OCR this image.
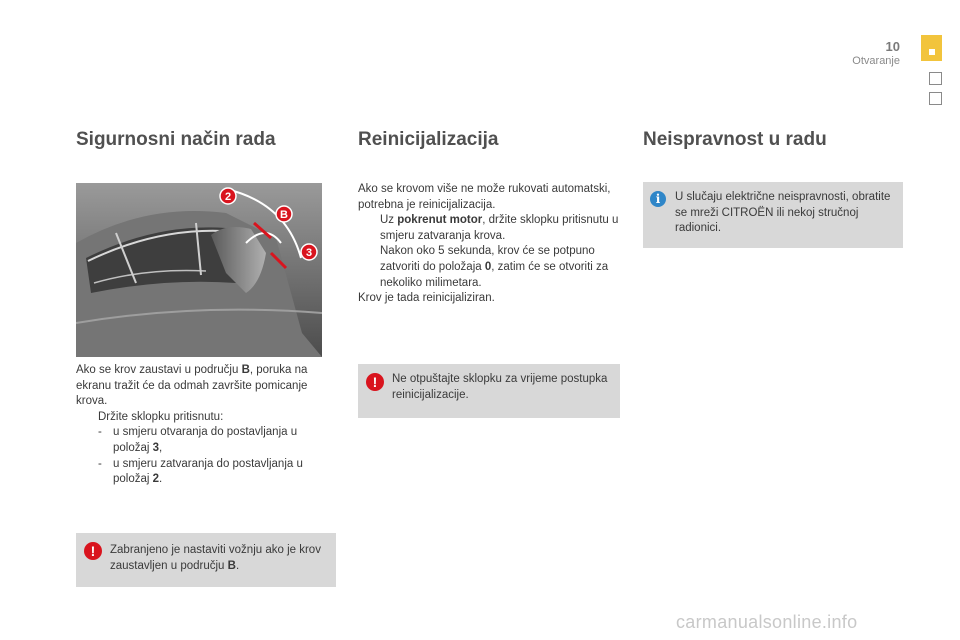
10
Otvaranje
Sigurnosni način rada	Reinicijalizacija	Neispravnost u radu
2
B
3

Ako se krov zaustavi u području B, poruka na ekranu tražit će da odmah završite pomicanje krova.

Držite sklopku pritisnutu:
- u smjeru otvaranja do postavljanja u položaj 3,
- u smjeru zatvaranja do postavljanja u položaj 2.
!	Zabranjeno je nastaviti vožnju ako je krov zaustavljen u području B.

Ako se krovom više ne može rukovati automatski, potrebna je reinicijalizacija.

Uz pokrenut motor, držite sklopku pritisnutu u smjeru zatvaranja krova.
Nakon oko 5 sekunda, krov će se potpuno zatvoriti do položaja 0, zatim će se otvoriti za nekoliko milimetara.

Krov je tada reinicijaliziran.

!	Ne otpuštajte sklopku za vrijeme postupka reinicijalizacije.
i	U slučaju električne neispravnosti, obratite se mreži CITROËN ili nekoj stručnoj radionici.
carmanualsonline.info
